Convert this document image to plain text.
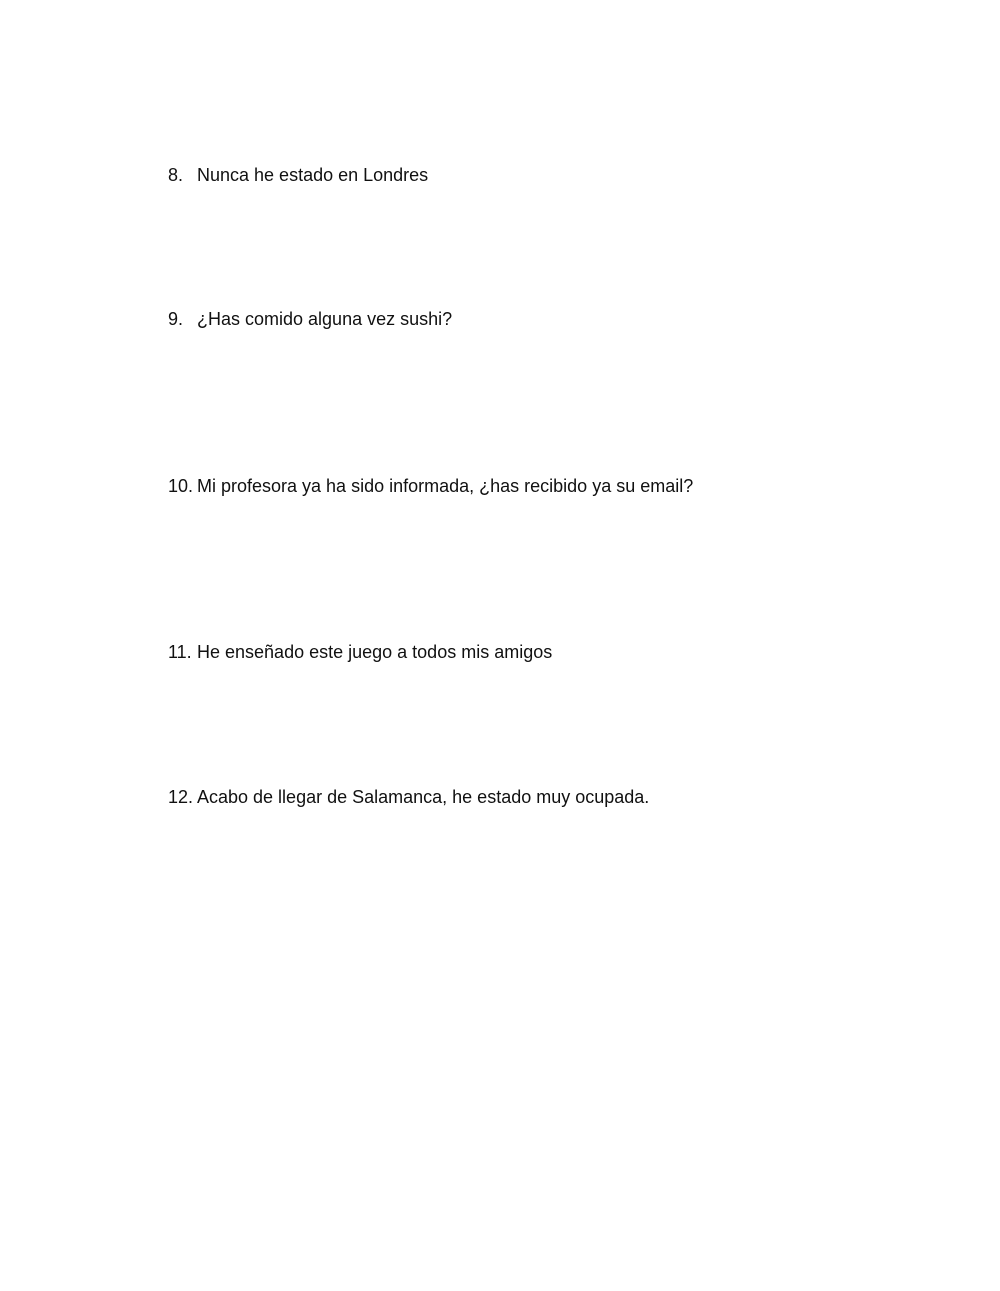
8. Nunca he estado en Londres
9. ¿Has comido alguna vez sushi?
10. Mi profesora ya ha sido informada, ¿has recibido ya su email?
11. He enseñado este juego a todos mis amigos
12. Acabo de llegar de Salamanca, he estado muy ocupada.
